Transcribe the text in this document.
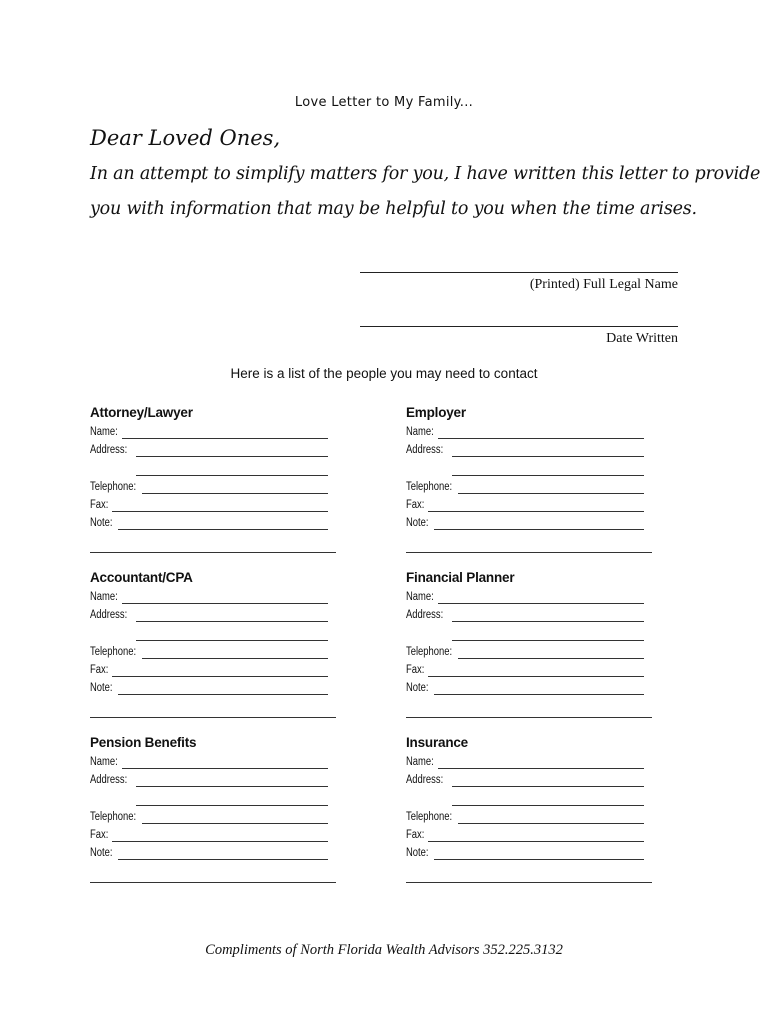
Love Letter to My Family...
Dear Loved Ones,
In an attempt to simplify matters for you, I have written this letter to provide
you with information that may be helpful to you when the time arises.
(Printed) Full Legal Name
Date Written
Here is a list of the people you may need to contact
Attorney/Lawyer
Name:
Address:
Telephone:
Fax:
Note:
Employer
Name:
Address:
Telephone:
Fax:
Note:
Accountant/CPA
Name:
Address:
Telephone:
Fax:
Note:
Financial Planner
Name:
Address:
Telephone:
Fax:
Note:
Pension Benefits
Name:
Address:
Telephone:
Fax:
Note:
Insurance
Name:
Address:
Telephone:
Fax:
Note:
Compliments of North Florida Wealth Advisors 352.225.3132
